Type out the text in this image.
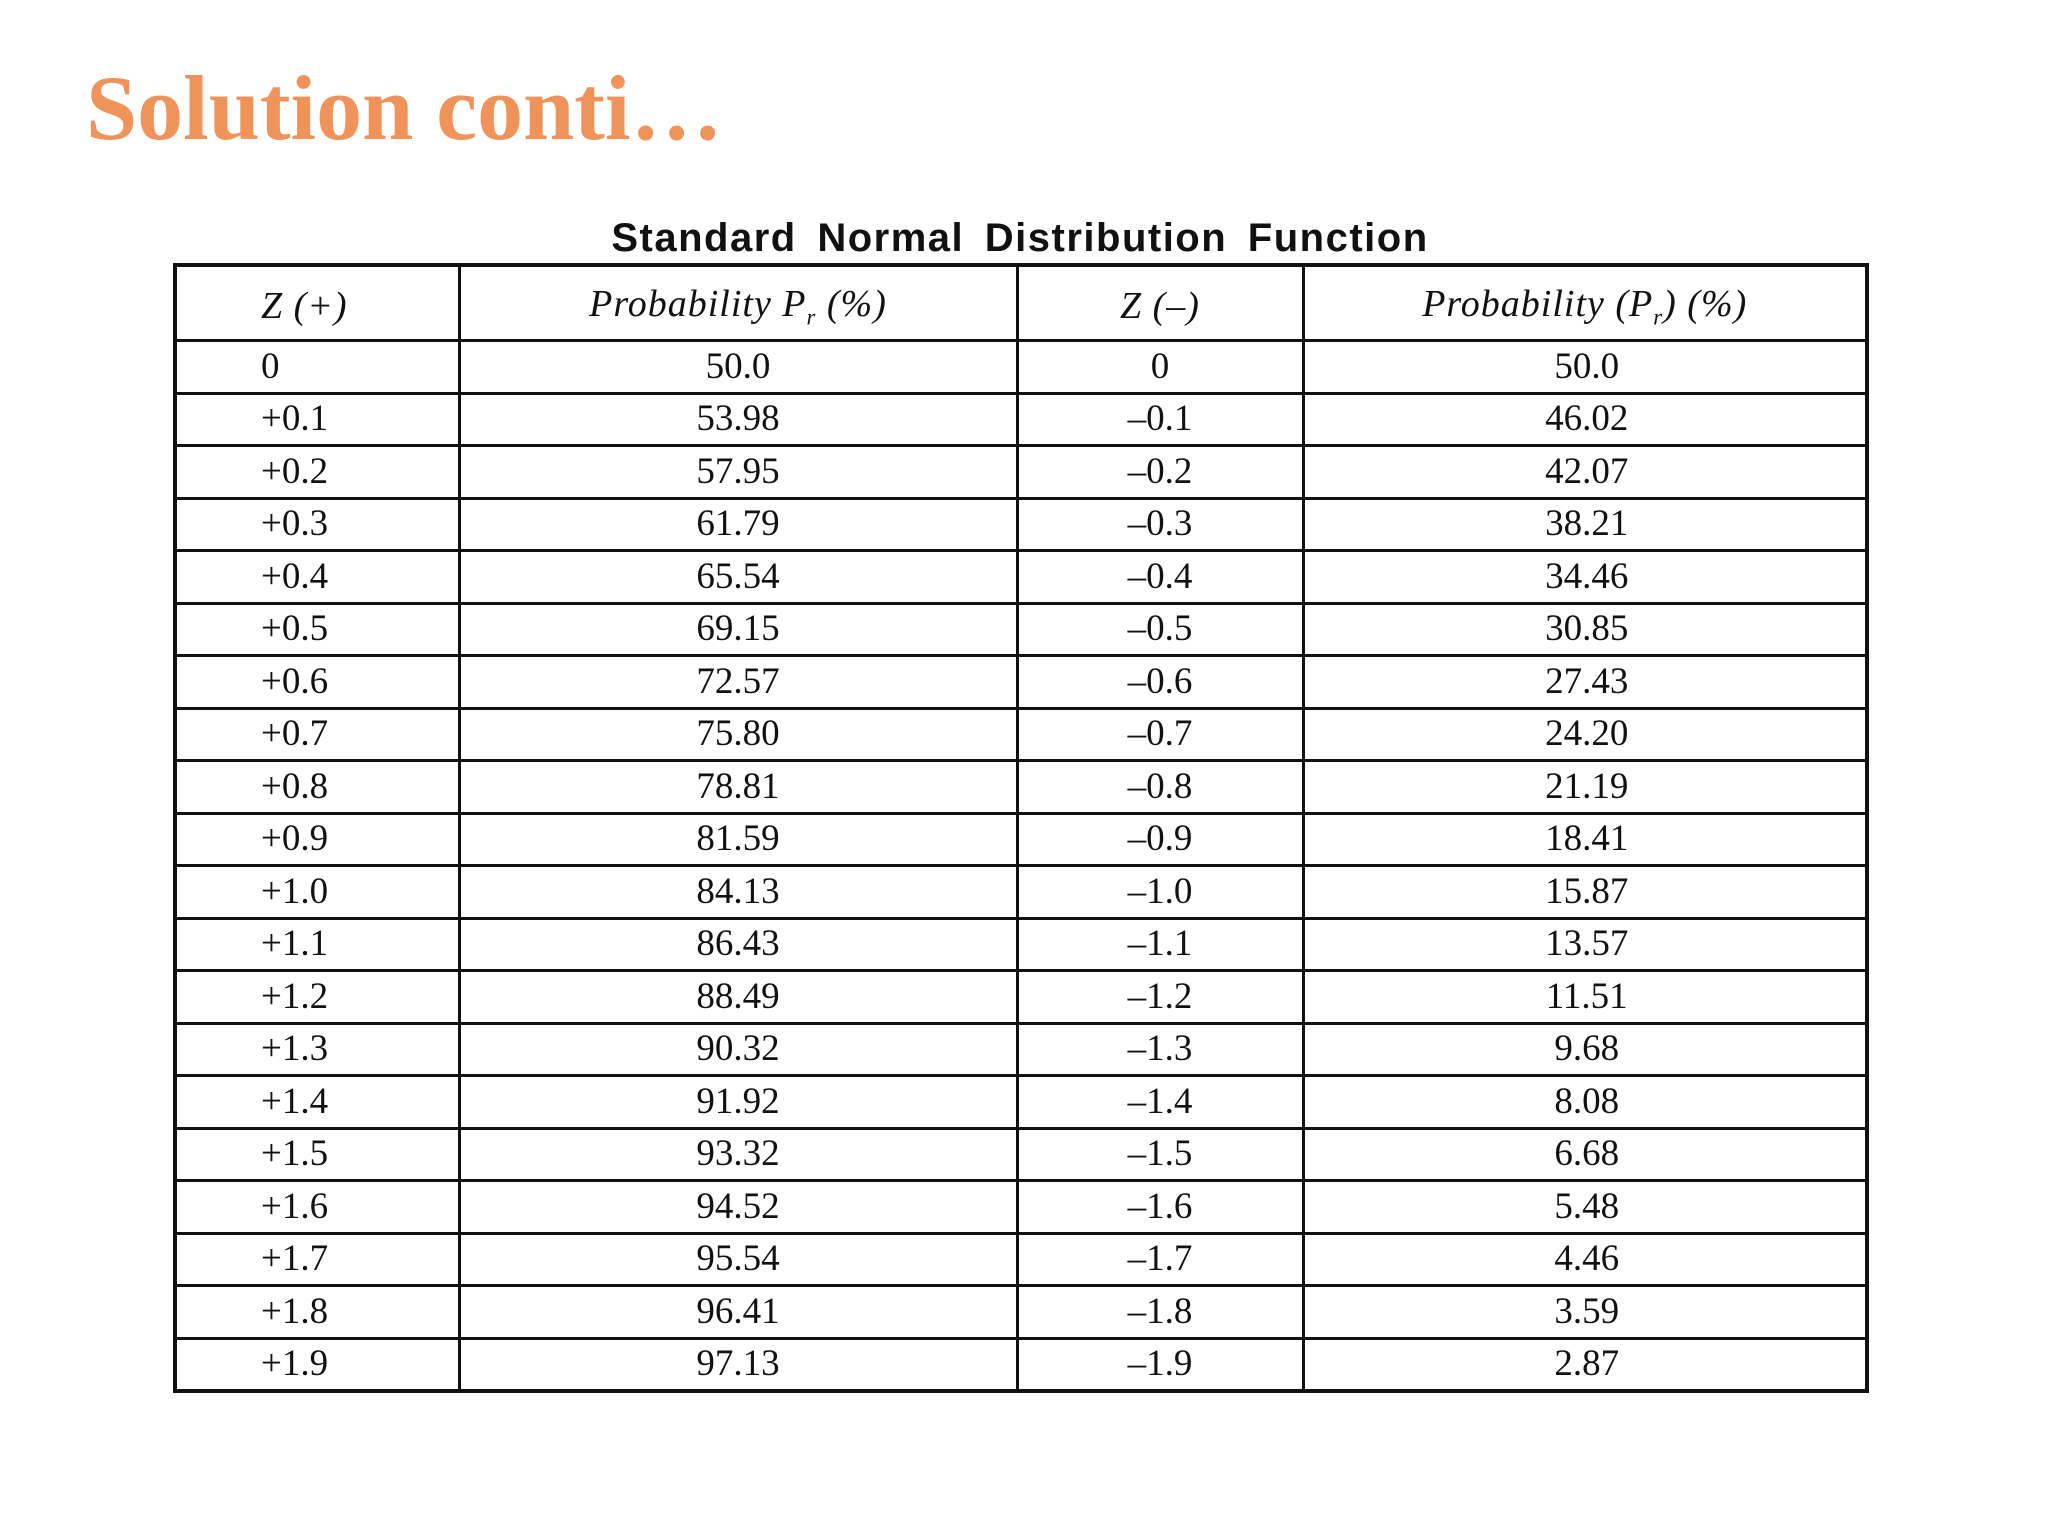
Solution conti…
Standard Normal Distribution Function
Z (+)	Probability $P_r$ (%)	Z (–)	Probability $(P_r)$ (%)
0	50.0	0	50.0
+0.1	53.98	–0.1	46.02
+0.2	57.95	–0.2	42.07
+0.3	61.79	–0.3	38.21
+0.4	65.54	–0.4	34.46
+0.5	69.15	–0.5	30.85
+0.6	72.57	–0.6	27.43
+0.7	75.80	–0.7	24.20
+0.8	78.81	–0.8	21.19
+0.9	81.59	–0.9	18.41
+1.0	84.13	–1.0	15.87
+1.1	86.43	–1.1	13.57
+1.2	88.49	–1.2	11.51
+1.3	90.32	–1.3	9.68
+1.4	91.92	–1.4	8.08
+1.5	93.32	–1.5	6.68
+1.6	94.52	–1.6	5.48
+1.7	95.54	–1.7	4.46
+1.8	96.41	–1.8	3.59
+1.9	97.13	–1.9	2.87
